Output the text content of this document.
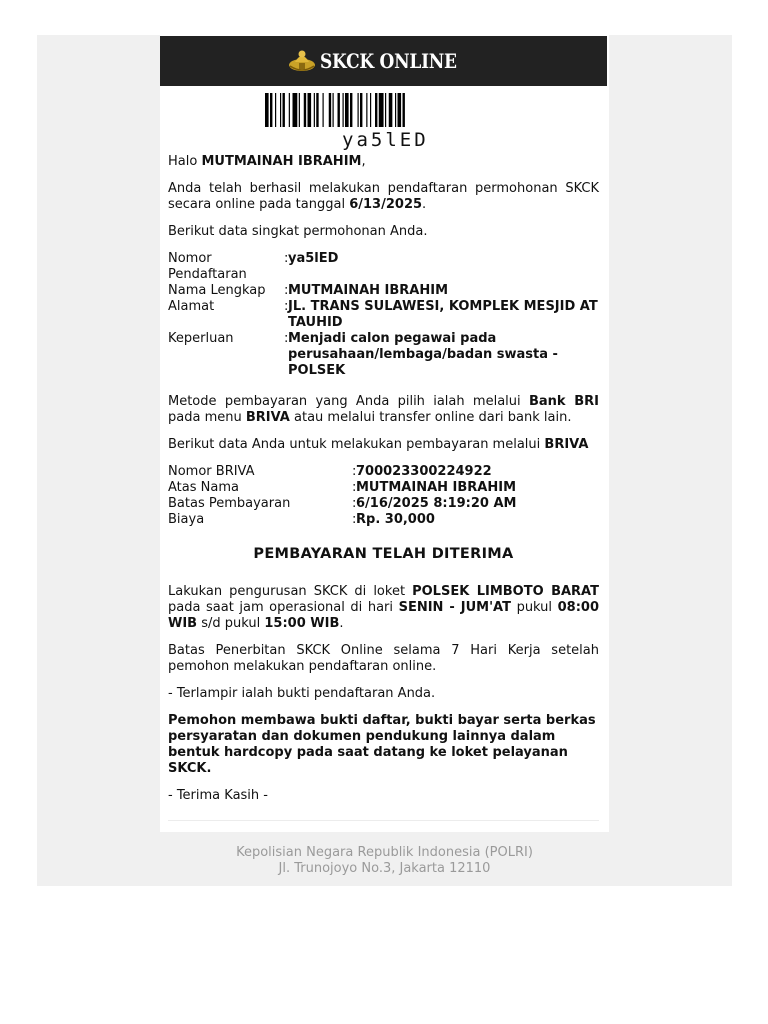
SKCK ONLINE
ya5lED

Halo MUTMAINAH IBRAHIM,

Anda telah berhasil melakukan pendaftaran permohonan SKCK secara online pada tanggal 6/13/2025.

Berikut data singkat permohonan Anda.

Nomor Pendaftaran
: ya5lED
Nama Lengkap	: MUTMAINAH IBRAHIM
Alamat	: JL. TRANS SULAWESI, KOMPLEK MESJID AT TAUHID
Keperluan	: Menjadi calon pegawai pada perusahaan/lembaga/badan swasta - POLSEK

Metode pembayaran yang Anda pilih ialah melalui Bank BRI pada menu BRIVA atau melalui transfer online dari bank lain.

Berikut data Anda untuk melakukan pembayaran melalui BRIVA

Nomor BRIVA	: 700023300224922
Atas Nama	: MUTMAINAH IBRAHIM
Batas Pembayaran	: 6/16/2025 8:19:20 AM
Biaya	: Rp. 30,000

PEMBAYARAN TELAH DITERIMA

Lakukan pengurusan SKCK di loket POLSEK LIMBOTO BARAT pada saat jam operasional di hari SENIN - JUM'AT pukul 08:00 WIB s/d pukul 15:00 WIB.

Batas Penerbitan SKCK Online selama 7 Hari Kerja setelah pemohon melakukan pendaftaran online.

- Terlampir ialah bukti pendaftaran Anda.

Pemohon membawa bukti daftar, bukti bayar serta berkas persyaratan dan dokumen pendukung lainnya dalam bentuk hardcopy pada saat datang ke loket pelayanan SKCK.

- Terima Kasih -

Kepolisian Negara Republik Indonesia (POLRI)
Jl. Trunojoyo No.3, Jakarta 12110
